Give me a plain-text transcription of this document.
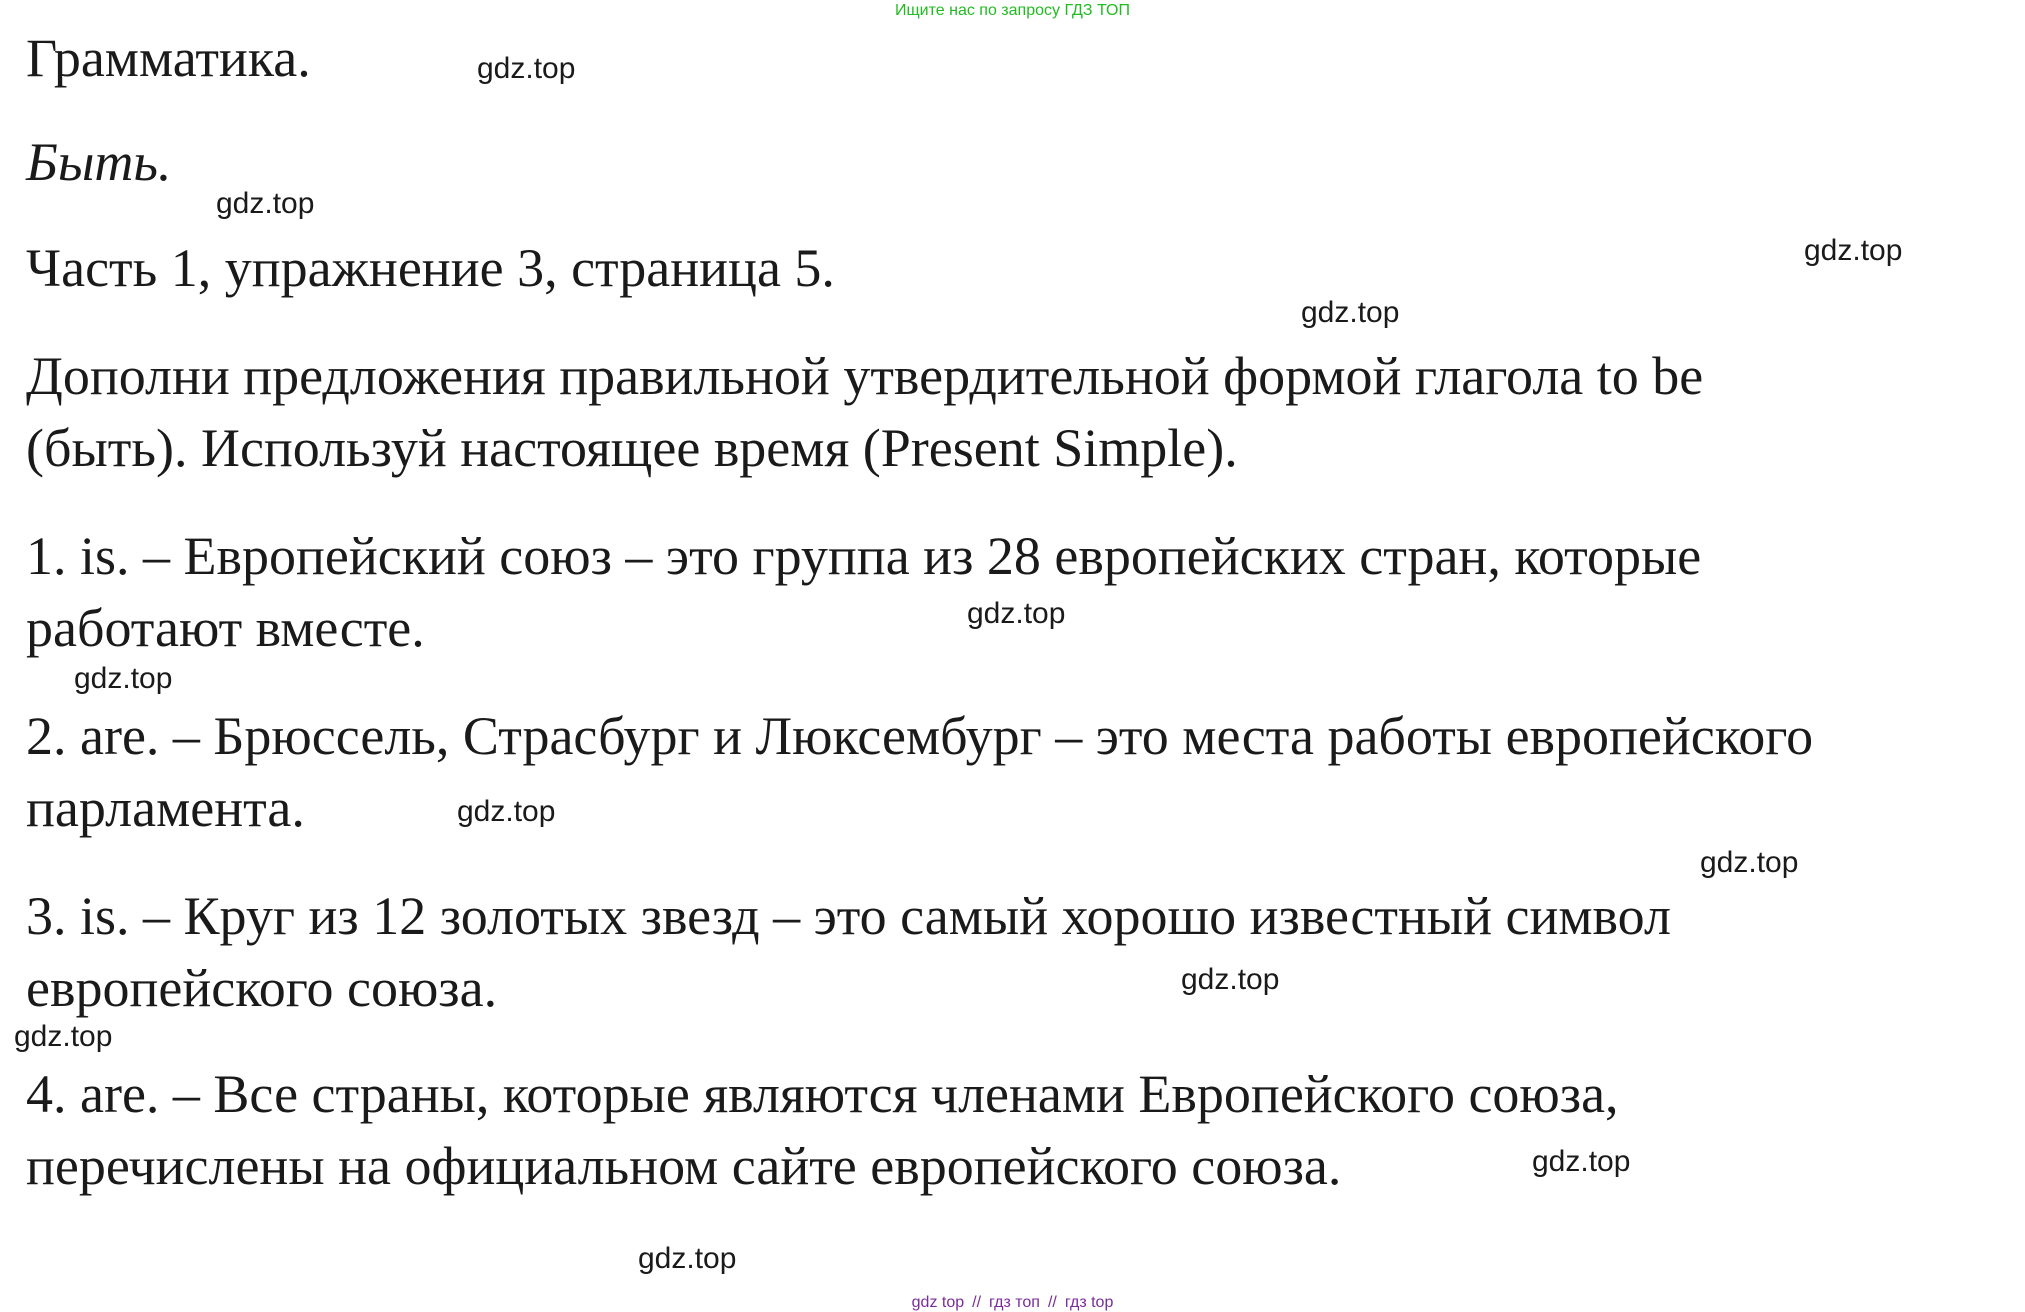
Ищите нас по запросу ГДЗ ТОП
Грамматика.
Быть.
Часть 1, упражнение 3, страница 5.
Дополни предложения правильной утвердительной формой глагола to be
(быть). Используй настоящее время (Present Simple).
1. is. – Европейский союз – это группа из 28 европейских стран, которые
работают вместе.
2. are. – Брюссель, Страсбург и Люксембург – это места работы европейского
парламента.
3. is. – Круг из 12 золотых звезд – это самый хорошо известный символ
европейского союза.
4. are. – Все страны, которые являются членами Европейского союза,
перечислены на официальном сайте европейского союза.
gdz.top
gdz.top
gdz.top
gdz.top
gdz.top
gdz.top
gdz.top
gdz.top
gdz.top
gdz.top
gdz.top
gdz.top
gdz top // гдз топ // гдз top
